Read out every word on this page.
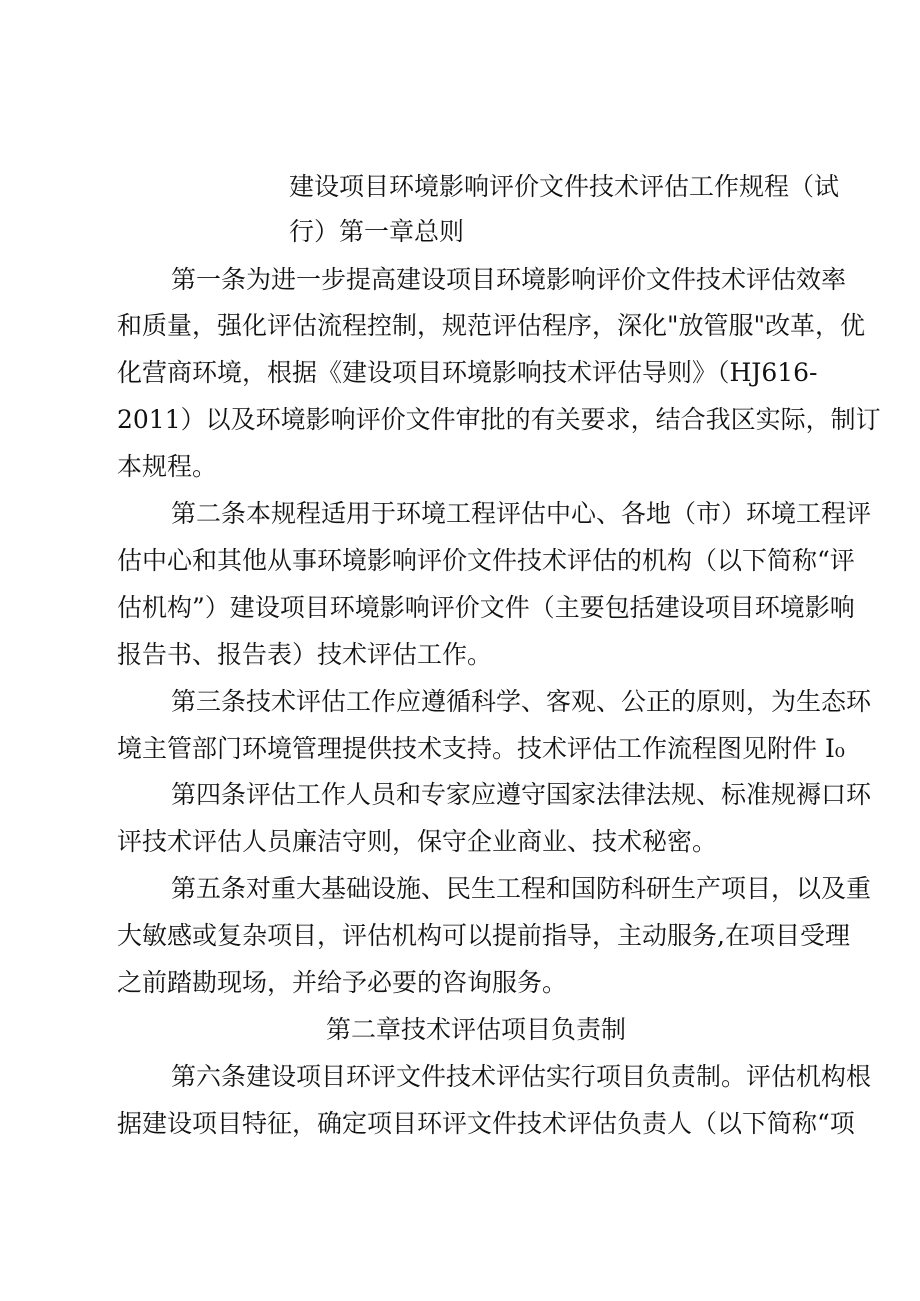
建设项目环境影响评价文件技术评估工作规程（试
行）第一章总则
第一条为进一步提高建设项目环境影响评价文件技术评估效率
和质量，强化评估流程控制，规范评估程序，深化"放管服"改革，优
化营商环境，根据《建设项目环境影响技术评估导则》（HJ616-
2011）以及环境影响评价文件审批的有关要求，结合我区实际，制订
本规程。
第二条本规程适用于环境工程评估中心、各地（市）环境工程评
估中心和其他从事环境影响评价文件技术评估的机构（以下简称“评
估机构”）建设项目环境影响评价文件（主要包括建设项目环境影响
报告书、报告表）技术评估工作。
第三条技术评估工作应遵循科学、客观、公正的原则，为生态环
境主管部门环境管理提供技术支持。技术评估工作流程图见附件 I₀
第四条评估工作人员和专家应遵守国家法律法规、标准规褥口环
评技术评估人员廉洁守则，保守企业商业、技术秘密。
第五条对重大基础设施、民生工程和国防科研生产项目，以及重
大敏感或复杂项目，评估机构可以提前指导，主动服务,在项目受理
之前踏勘现场，并给予必要的咨询服务。
第二章技术评估项目负责制
第六条建设项目环评文件技术评估实行项目负责制。评估机构根
据建设项目特征，确定项目环评文件技术评估负责人（以下简称“项
